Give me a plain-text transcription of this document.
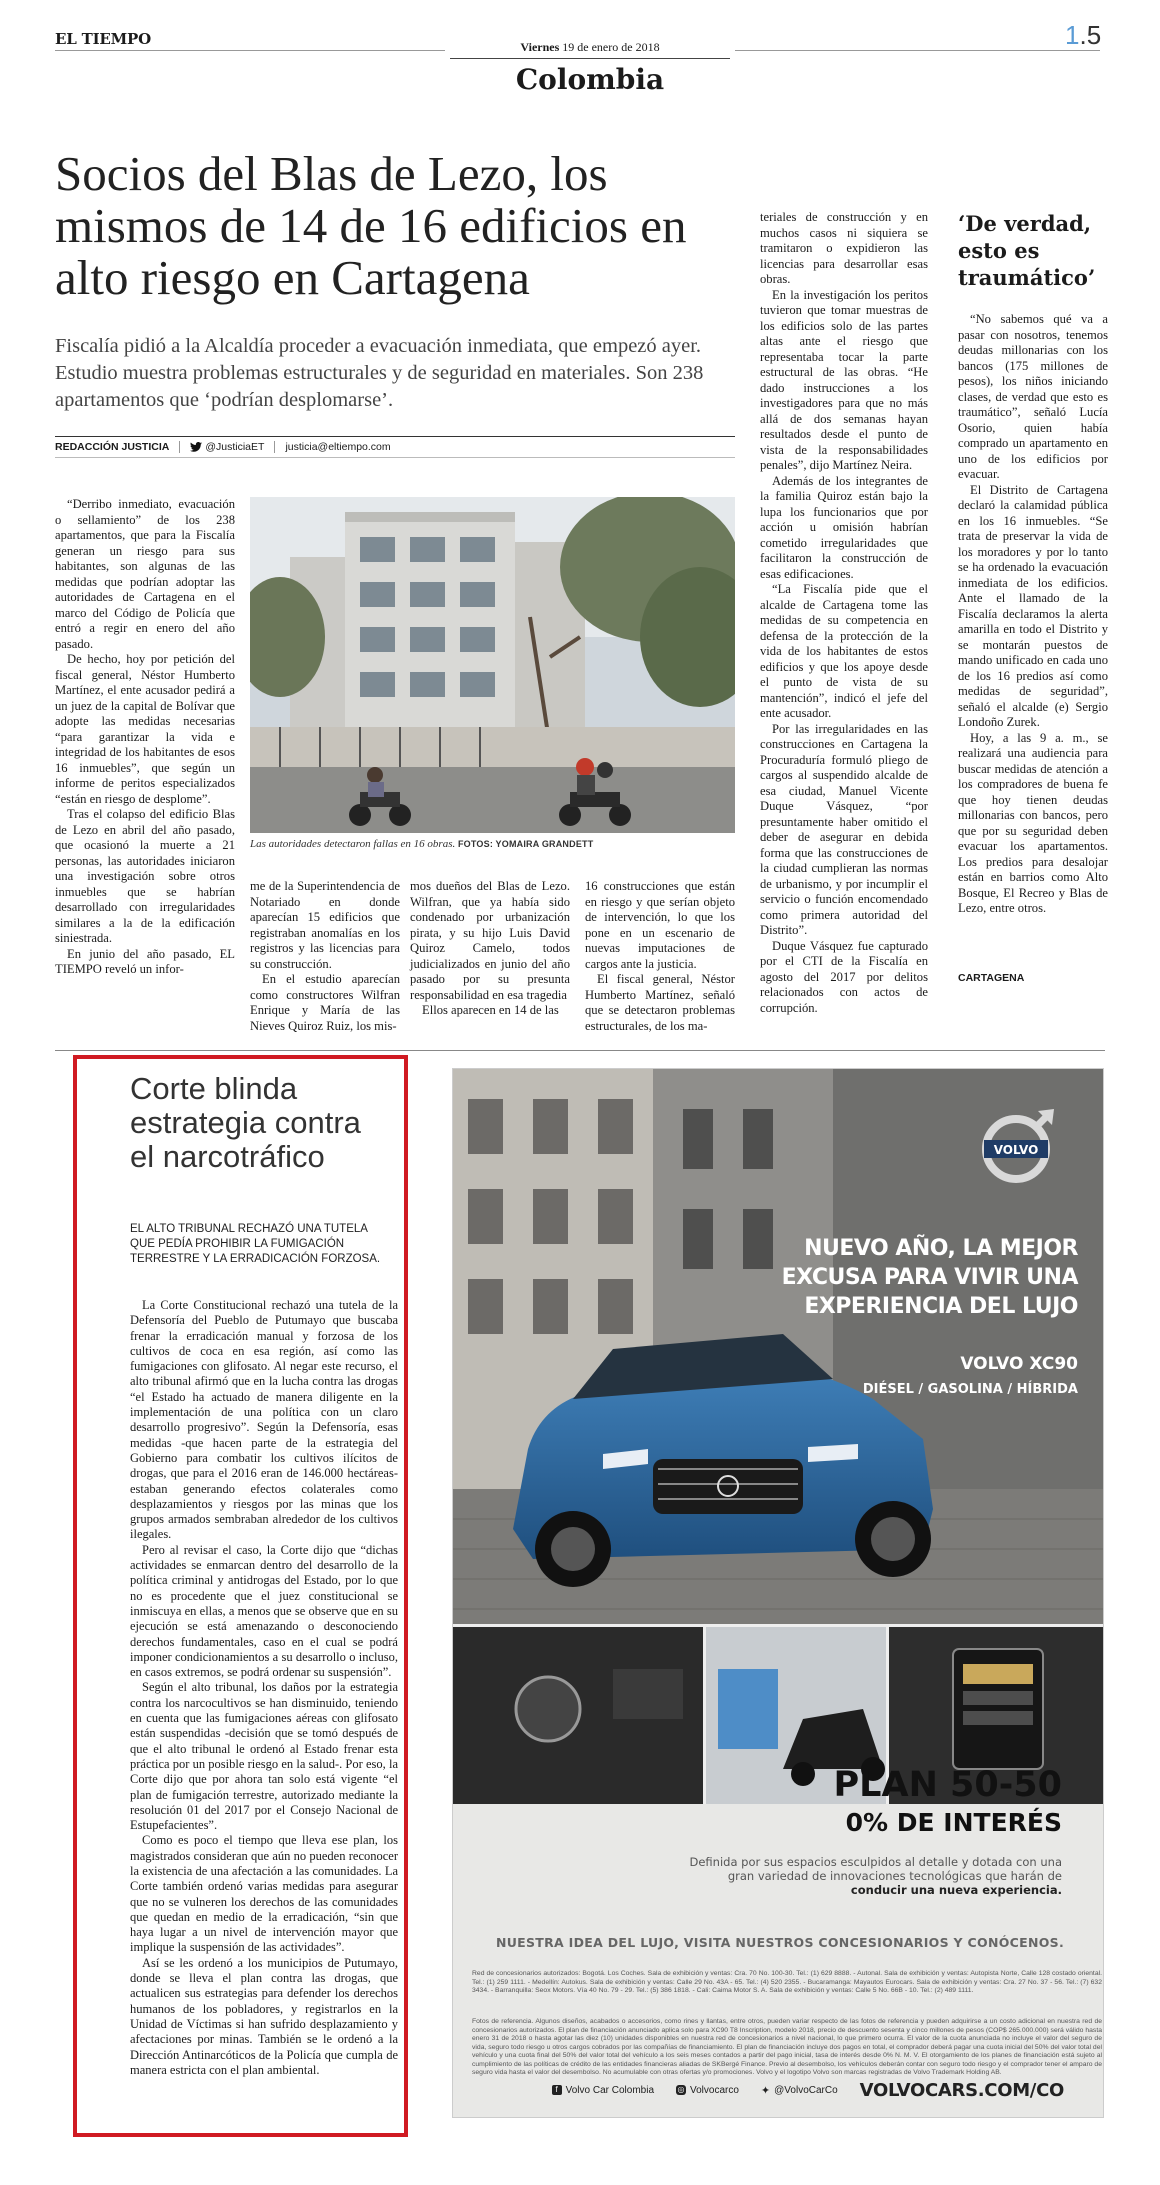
EL TIEMPO	Viernes 19 de enero de 2018
Colombia
1.5
Socios del Blas de Lezo, los mismos de 14 de 16 edificios en alto riesgo en Cartagena
Fiscalía pidió a la Alcaldía proceder a evacuación inmediata, que empezó ayer. Estudio muestra problemas estructurales y de seguridad en materiales. Son 238 apartamentos que ‘podrían desplomarse’.
REDACCIÓN JUSTICIA	@JusticiaET	justicia@eltiempo.com

“Derribo inmediato, evacuación o sellamiento” de los 238 apartamentos, que para la Fiscalía generan un riesgo para sus habitantes, son algunas de las medidas que podrían adoptar las autoridades de Cartagena en el marco del Código de Policía que entró a regir en enero del año pasado.

De hecho, hoy por petición del fiscal general, Néstor Humberto Martínez, el ente acusador pedirá a un juez de la capital de Bolívar que adopte las medidas necesarias “para garantizar la vida e integridad de los habitantes de esos 16 inmuebles”, que según un informe de peritos especializados “están en riesgo de desplome”.

Tras el colapso del edificio Blas de Lezo en abril del año pasado, que ocasionó la muerte a 21 personas, las autoridades iniciaron una investigación sobre otros inmuebles que se habrían desarrollado con irregularidades similares a la de la edificación siniestrada.

En junio del año pasado, EL TIEMPO reveló un infor-

Las autoridades detectaron fallas en 16 obras. FOTOS: YOMAIRA GRANDETT

me de la Superintendencia de Notariado en donde aparecían 15 edificios que registraban anomalías en los registros y las licencias para su construcción.

En el estudio aparecían como constructores Wilfran Enrique y María de las Nieves Quiroz Ruiz, los mis-

mos dueños del Blas de Lezo. Wilfran, que ya había sido condenado por urbanización pirata, y su hijo Luis David Quiroz Camelo, todos judicializados en junio del año pasado por su presunta responsabilidad en esa tragedia

Ellos aparecen en 14 de las

16 construcciones que están en riesgo y que serían objeto de intervención, lo que los pone en un escenario de nuevas imputaciones de cargos ante la justicia.

El fiscal general, Néstor Humberto Martínez, señaló que se detectaron problemas estructurales, de los ma-

teriales de construcción y en muchos casos ni siquiera se tramitaron o expidieron las licencias para desarrollar esas obras.

En la investigación los peritos tuvieron que tomar muestras de los edificios solo de las partes altas ante el riesgo que representaba tocar la parte estructural de las obras. “He dado instrucciones a los investigadores para que no más allá de dos semanas hayan resultados desde el punto de vista de la responsabilidades penales”, dijo Martínez Neira.

Además de los integrantes de la familia Quiroz están bajo la lupa los funcionarios que por acción u omisión habrían cometido irregularidades que facilitaron la construcción de esas edificaciones.

“La Fiscalía pide que el alcalde de Cartagena tome las medidas de su competencia en defensa de la protección de la vida de los habitantes de estos edificios y que los apoye desde el punto de vista de su mantención”, indicó el jefe del ente acusador.

Por las irregularidades en las construcciones en Cartagena la Procuraduría formuló pliego de cargos al suspendido alcalde de esa ciudad, Manuel Vicente Duque Vásquez, “por presuntamente haber omitido el deber de asegurar en debida forma que las construcciones de la ciudad cumplieran las normas de urbanismo, y por incumplir el servicio o función encomendado como primera autoridad del Distrito”.

Duque Vásquez fue capturado por el CTI de la Fiscalía en agosto del 2017 por delitos relacionados con actos de corrupción.

‘De verdad, esto es traumático’

“No sabemos qué va a pasar con nosotros, tenemos deudas millonarias con los bancos (175 millones de pesos), los niños iniciando clases, de verdad que esto es traumático”, señaló Lucía Osorio, quien había comprado un apartamento en uno de los edificios por evacuar.

El Distrito de Cartagena declaró la calamidad pública en los 16 inmuebles. “Se trata de preservar la vida de los moradores y por lo tanto se ha ordenado la evacuación inmediata de los edificios. Ante el llamado de la Fiscalía declaramos la alerta amarilla en todo el Distrito y se montarán puestos de mando unificado en cada uno de los 16 predios así como medidas de seguridad”, señaló el alcalde (e) Sergio Londoño Zurek.

Hoy, a las 9 a. m., se realizará una audiencia para buscar medidas de atención a los compradores de buena fe que hoy tienen deudas millonarias con bancos, pero que por su seguridad deben evacuar los apartamentos. Los predios para desalojar están en barrios como Alto Bosque, El Recreo y Blas de Lezo, entre otros.

CARTAGENA
Corte blinda estrategia contra el narcotráfico
EL ALTO TRIBUNAL RECHAZÓ UNA TUTELA QUE PEDÍA PROHIBIR LA FUMIGACIÓN TERRESTRE Y LA ERRADICACIÓN FORZOSA.

La Corte Constitucional rechazó una tutela de la Defensoría del Pueblo de Putumayo que buscaba frenar la erradicación manual y forzosa de los cultivos de coca en esa región, así como las fumigaciones con glifosato. Al negar este recurso, el alto tribunal afirmó que en la lucha contra las drogas “el Estado ha actuado de manera diligente en la implementación de una política con un claro desarrollo progresivo”. Según la Defensoría, esas medidas -que hacen parte de la estrategia del Gobierno para combatir los cultivos ilícitos de drogas, que para el 2016 eran de 146.000 hectáreas- estaban generando efectos colaterales como desplazamientos y riesgos por las minas que los grupos armados sembraban alrededor de los cultivos ilegales.

Pero al revisar el caso, la Corte dijo que “dichas actividades se enmarcan dentro del desarrollo de la política criminal y antidrogas del Estado, por lo que no es procedente que el juez constitucional se inmiscuya en ellas, a menos que se observe que en su ejecución se está amenazando o desconociendo derechos fundamentales, caso en el cual se podrá imponer condicionamientos a su desarrollo o incluso, en casos extremos, se podrá ordenar su suspensión”.

Según el alto tribunal, los daños por la estrategia contra los narcocultivos se han disminuido, teniendo en cuenta que las fumigaciones aéreas con glifosato están suspendidas -decisión que se tomó después de que el alto tribunal le ordenó al Estado frenar esta práctica por un posible riesgo en la salud-. Por eso, la Corte dijo que por ahora tan solo está vigente “el plan de fumigación terrestre, autorizado mediante la resolución 01 del 2017 por el Consejo Nacional de Estupefacientes”.

Como es poco el tiempo que lleva ese plan, los magistrados consideran que aún no pueden reconocer la existencia de una afectación a las comunidades. La Corte también ordenó varias medidas para asegurar que no se vulneren los derechos de las comunidades que quedan en medio de la erradicación, “sin que haya lugar a un nivel de intervención mayor que implique la suspensión de las actividades”.

Así se les ordenó a los municipios de Putumayo, donde se lleva el plan contra las drogas, que actualicen sus estrategias para defender los derechos humanos de los pobladores, y registrarlos en la Unidad de Víctimas si han sufrido desplazamiento y afectaciones por minas. También se le ordenó a la Dirección Antinarcóticos de la Policía que cumpla de manera estricta con el plan ambiental.

VOLVO
NUEVO AÑO, LA MEJOR EXCUSA PARA VIVIR UNA EXPERIENCIA DEL LUJO
VOLVO XC90
DIÉSEL / GASOLINA / HÍBRIDA
PLAN 50-50
0% DE INTERÉS
Definida por sus espacios esculpidos al detalle y dotada con una gran variedad de innovaciones tecnológicas que harán de conducir una nueva experiencia.
NUESTRA IDEA DEL LUJO, VISITA NUESTROS CONCESIONARIOS Y CONÓCENOS.
Red de concesionarios autorizados: Bogotá. Los Coches. Sala de exhibición y ventas: Cra. 70 No. 100-30. Tel.: (1) 629 8888. - Autonal. Sala de exhibición y ventas: Autopista Norte, Calle 128 costado oriental. Tel.: (1) 259 1111. - Medellín: Autokus. Sala de exhibición y ventas: Calle 29 No. 43A - 65. Tel.: (4) 520 2355. - Bucaramanga: Mayautos Eurocars. Sala de exhibición y ventas: Cra. 27 No. 37 - 56. Tel.: (7) 632 3434. - Barranquilla: Seox Motors. Vía 40 No. 79 - 29. Tel.: (5) 386 1818. - Cali: Caima Motor S. A. Sala de exhibición y ventas: Calle 5 No. 66B - 10. Tel.: (2) 489 1111.
Fotos de referencia. Algunos diseños, acabados o accesorios, como rines y llantas, entre otros, pueden variar respecto de las fotos de referencia y pueden adquirirse a un costo adicional en nuestra red de concesionarios autorizados. El plan de financiación anunciado aplica solo para XC90 T8 Inscription, modelo 2018, precio de descuento sesenta y cinco millones de pesos (COP$ 265.000.000) será válido hasta enero 31 de 2018 o hasta agotar las diez (10) unidades disponibles en nuestra red de concesionarios a nivel nacional, lo que primero ocurra. El valor de la cuota anunciada no incluye el valor del seguro de vida, seguro todo riesgo u otros cargos cobrados por las compañías de financiamiento. El plan de financiación incluye dos pagos en total, el comprador deberá pagar una cuota inicial del 50% del valor total del vehículo y una cuota final del 50% del valor total del vehículo a los seis meses contados a partir del pago inicial, tasa de interés desde 0% N. M. V. El otorgamiento de los planes de financiación está sujeto al cumplimiento de las políticas de crédito de las entidades financieras aliadas de SKBergé Finance. Previo al desembolso, los vehículos deberán contar con seguro todo riesgo y el comprador tener el amparo de seguro vida hasta el valor del desembolso. No acumulable con otras ofertas y/o promociones. Volvo y el logotipo Volvo son marcas registradas de Volvo Trademark Holding AB.
f Volvo Car Colombia	◎ Volvocarco ✦ @VolvoCarCo VOLVOCARS.COM/CO
